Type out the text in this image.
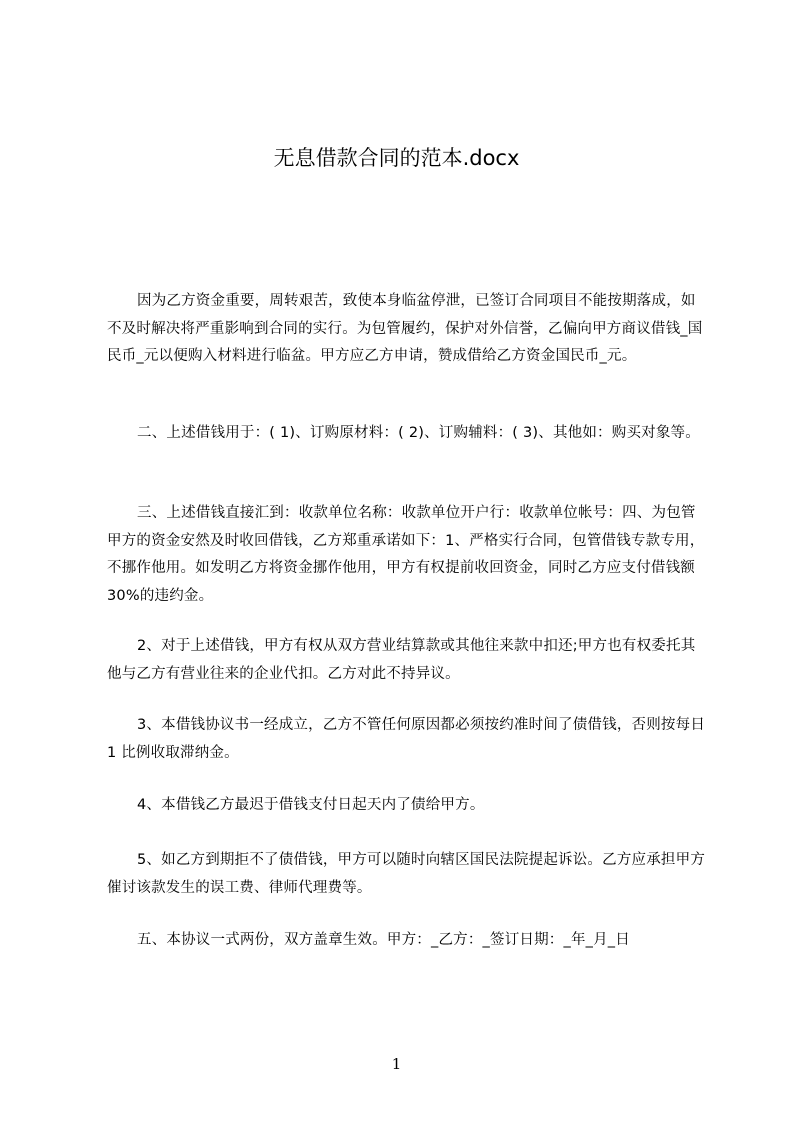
无息借款合同的范本.docx
因为乙方资金重要，周转艰苦，致使本身临盆停泄，已签订合同项目不能按期落成，如不及时解决将严重影响到合同的实行。为包管履约，保护对外信誉，乙偏向甲方商议借钱_国民币_元以便购入材料进行临盆。甲方应乙方申请，赞成借给乙方资金国民币_元。
二、上述借钱用于：( 1)、订购原材料：( 2)、订购辅料：( 3)、其他如：购买对象等。
三、上述借钱直接汇到：收款单位名称：收款单位开户行：收款单位帐号：四、为包管甲方的资金安然及时收回借钱，乙方郑重承诺如下：1、严格实行合同，包管借钱专款专用，不挪作他用。如发明乙方将资金挪作他用，甲方有权提前收回资金，同时乙方应支付借钱额 30%的违约金。
2、对于上述借钱，甲方有权从双方营业结算款或其他往来款中扣还;甲方也有权委托其他与乙方有营业往来的企业代扣。乙方对此不持异议。
3、本借钱协议书一经成立，乙方不管任何原因都必须按约准时间了债借钱，否则按每日 1 比例收取滞纳金。
4、本借钱乙方最迟于借钱支付日起天内了债给甲方。
5、如乙方到期拒不了债借钱，甲方可以随时向辖区国民法院提起诉讼。乙方应承担甲方催讨该款发生的误工费、律师代理费等。
五、本协议一式两份，双方盖章生效。甲方：_乙方：_签订日期：_年_月_日
1
